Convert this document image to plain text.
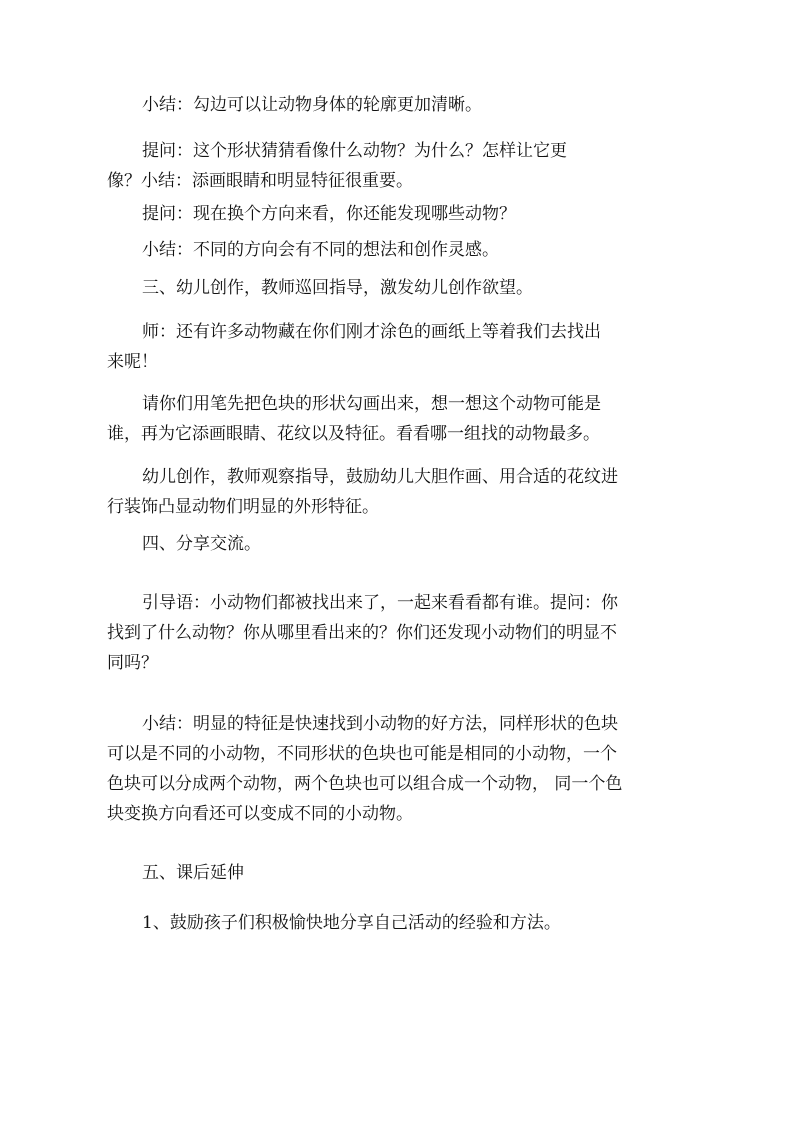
小结：勾边可以让动物身体的轮廓更加清晰。
提问：这个形状猜猜看像什么动物？为什么？怎样让它更
像？小结：添画眼睛和明显特征很重要。
提问：现在换个方向来看，你还能发现哪些动物？
小结：不同的方向会有不同的想法和创作灵感。
三、幼儿创作，教师巡回指导，激发幼儿创作欲望。
师：还有许多动物藏在你们刚才涂色的画纸上等着我们去找出
来呢！
请你们用笔先把色块的形状勾画出来，想一想这个动物可能是
谁，再为它添画眼睛、花纹以及特征。看看哪一组找的动物最多。
幼儿创作，教师观察指导，鼓励幼儿大胆作画、用合适的花纹进
行装饰凸显动物们明显的外形特征。
四、分享交流。
引导语：小动物们都被找出来了，一起来看看都有谁。提问：你
找到了什么动物？你从哪里看出来的？你们还发现小动物们的明显不
同吗？
小结：明显的特征是快速找到小动物的好方法，同样形状的色块
可以是不同的小动物，不同形状的色块也可能是相同的小动物，一个
色块可以分成两个动物，两个色块也可以组合成一个动物， 同一个色
块变换方向看还可以变成不同的小动物。
五、课后延伸
1、鼓励孩子们积极愉快地分享自己活动的经验和方法。
